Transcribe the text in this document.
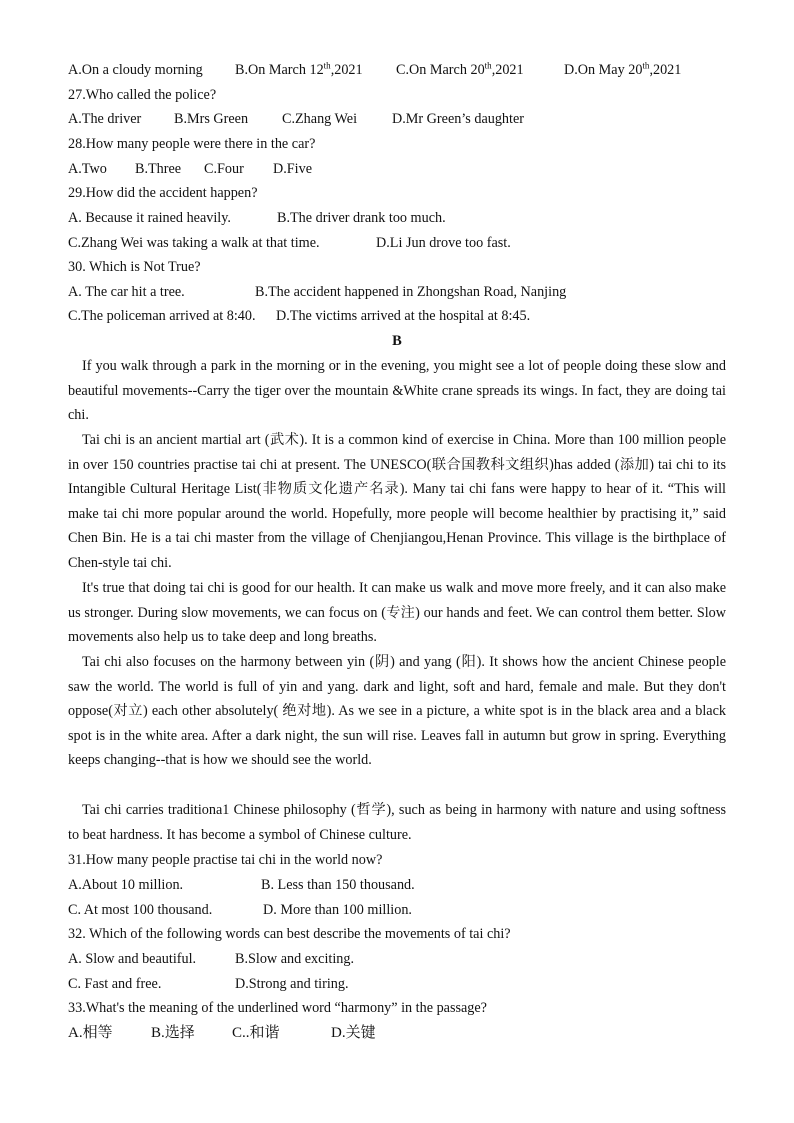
A.On a cloudy morning	B.On March 12th,2021	C.On March 20th,2021	D.On May 20th,2021
27.Who called the police?
A.The driver	B.Mrs Green	C.Zhang Wei	D.Mr Green’s daughter
28.How many people were there in the car?
A.Two	B.Three	C.Four	D.Five
29.How did the accident happen?
A. Because it rained heavily.	B.The driver drank too much.
C.Zhang Wei was taking a walk at that time.	D.Li Jun drove too fast.
30. Which is Not True?
A. The car hit a tree.	B.The accident happened in Zhongshan Road, Nanjing
C.The policeman arrived at 8:40.	D.The victims arrived at the hospital at 8:45.
B
If you walk through a park in the morning or in the evening, you might see a lot of people doing these slow and beautiful movements--Carry the tiger over the mountain &White crane spreads its wings. In fact, they are doing tai chi.
Tai chi is an ancient martial art (武术). It is a common kind of exercise in China. More than 100 million people in over 150 countries practise tai chi at present. The UNESCO(联合国教科文组织)has added (添加) tai chi to its Intangible Cultural Heritage List(非物质文化遗产名录). Many tai chi fans were happy to hear of it. “This will make tai chi more popular around the world. Hopefully, more people will become healthier by practising it,” said Chen Bin. He is a tai chi master from the village of Chenjiangou,Henan Province. This village is the birthplace of Chen-style tai chi.
It's true that doing tai chi is good for our health. It can make us walk and move more freely, and it can also make us stronger. During slow movements, we can focus on (专注) our hands and feet. We can control them better. Slow movements also help us to take deep and long breaths.
Tai chi also focuses on the harmony between yin (阴) and yang (阳). It shows how the ancient Chinese people saw the world. The world is full of yin and yang. dark and light, soft and hard, female and male. But they don't oppose(对立) each other absolutely( 绝对地). As we see in a picture, a white spot is in the black area and a black spot is in the white area. After a dark night, the sun will rise. Leaves fall in autumn but grow in spring. Everything keeps changing--that is how we should see the world.
Tai chi carries traditiona1 Chinese philosophy (哲学), such as being in harmony with nature and using softness to beat hardness. It has become a symbol of Chinese culture.
31.How many people practise tai chi in the world now?
A.About 10 million.	B. Less than 150 thousand.
C. At most 100 thousand.	D. More than 100 million.
32. Which of the following words can best describe the movements of tai chi?
A. Slow and beautiful.	B.Slow and exciting.
C. Fast and free.	D.Strong and tiring.
33.What's the meaning of the underlined word “harmony” in the passage?
A.相等	B.选择	C..和谐	D.关键
